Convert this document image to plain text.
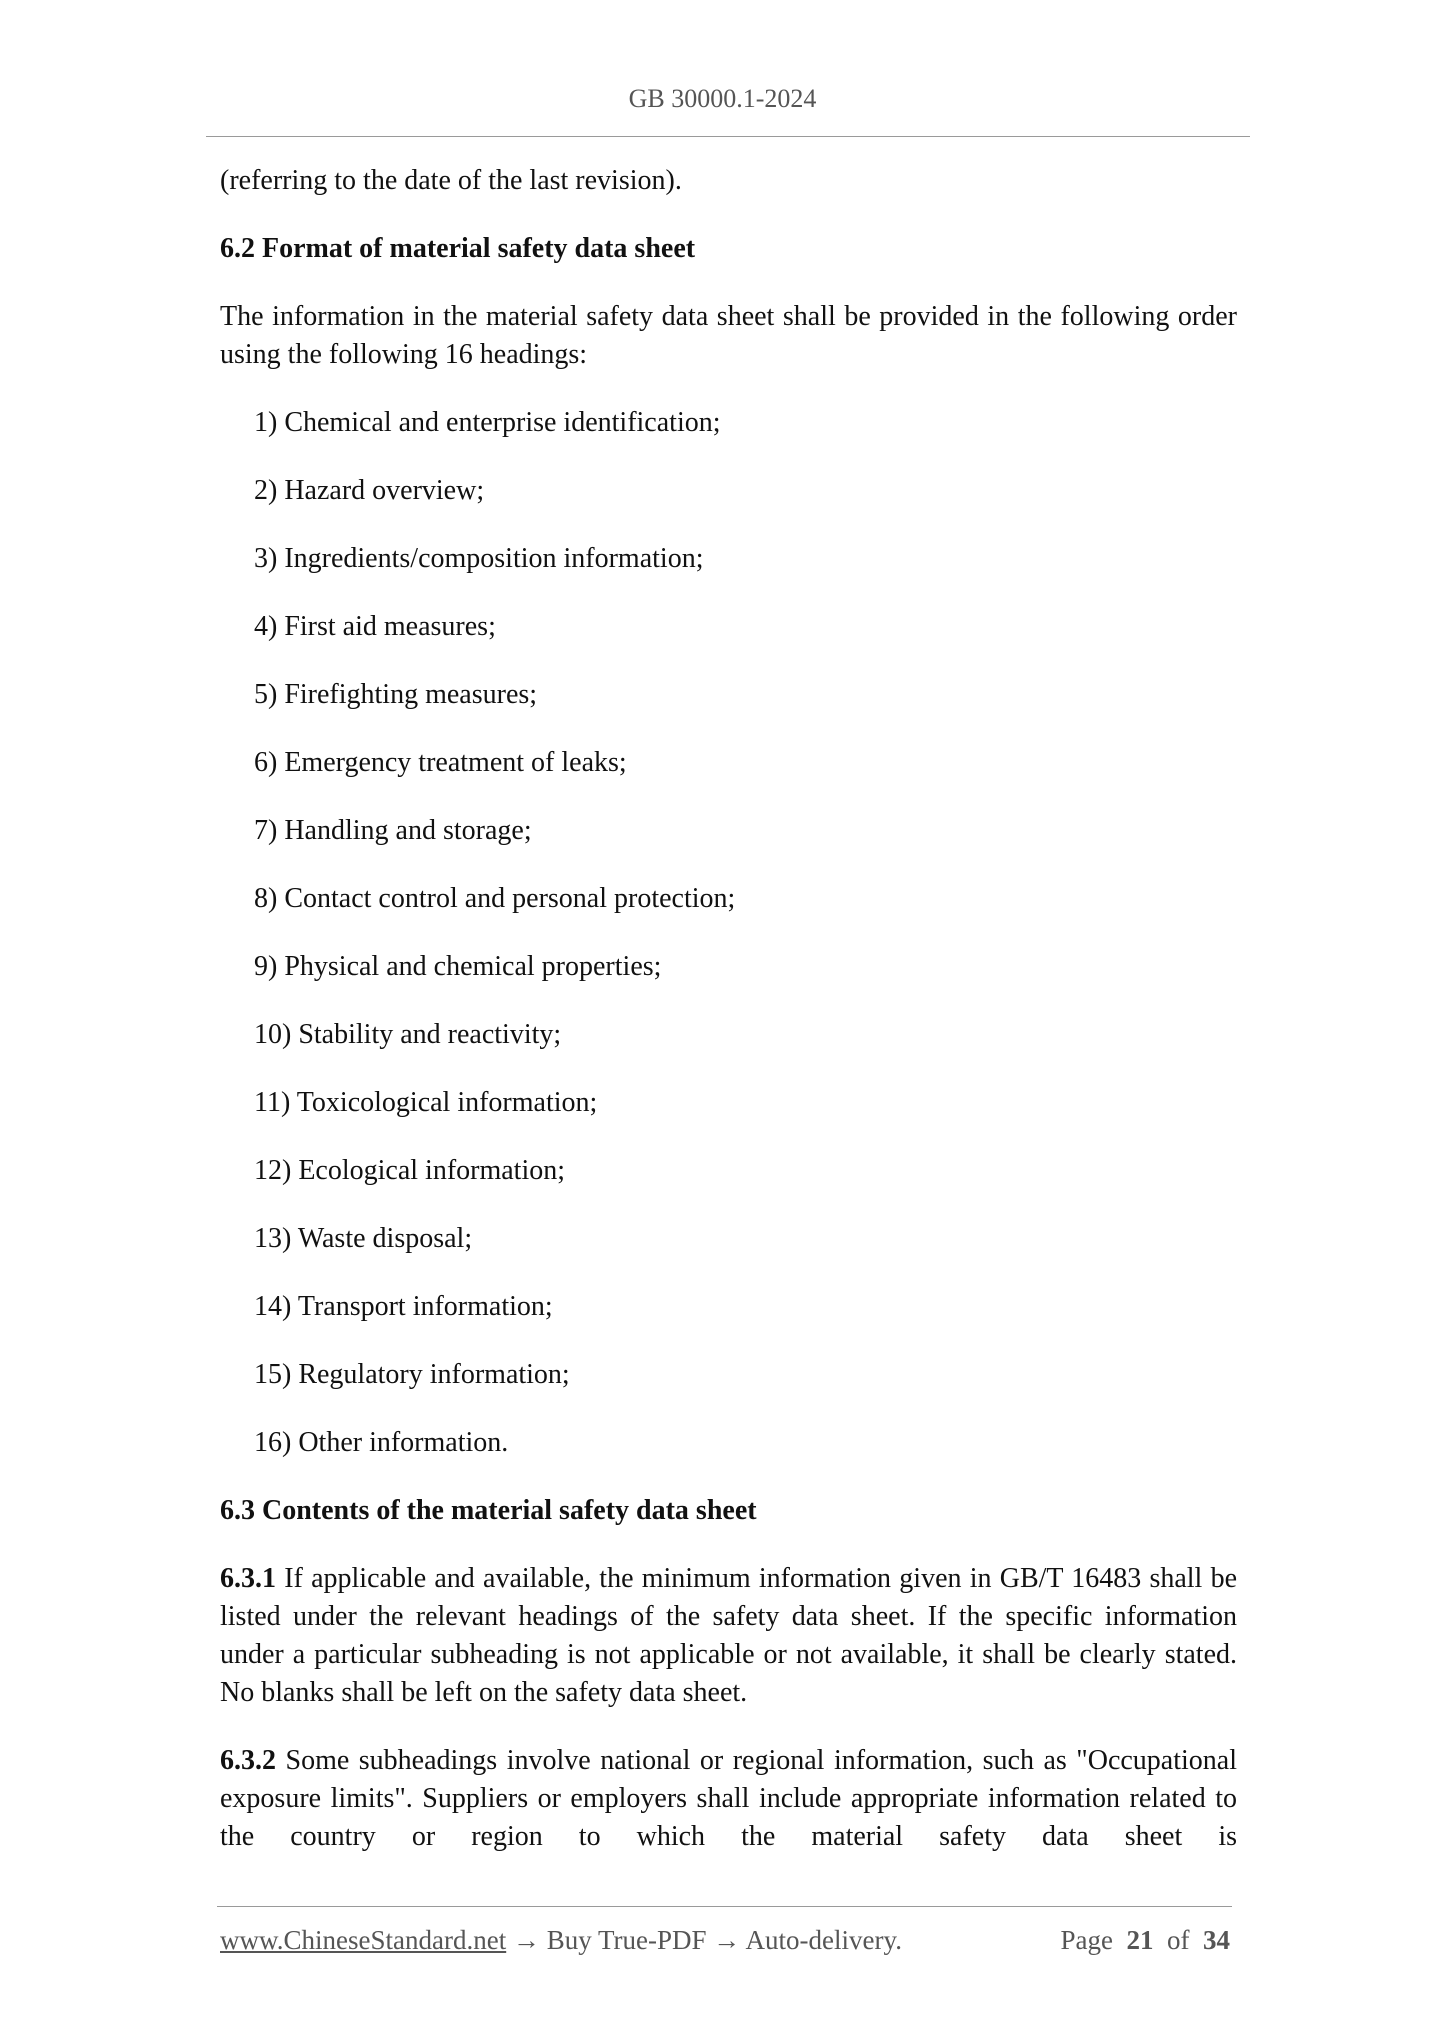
GB 30000.1-2024

(referring to the date of the last revision).

6.2 Format of material safety data sheet

The information in the material safety data sheet shall be provided in the following order using the following 16 headings:

1) Chemical and enterprise identification;
2) Hazard overview;
3) Ingredients/composition information;
4) First aid measures;
5) Firefighting measures;
6) Emergency treatment of leaks;
7) Handling and storage;
8) Contact control and personal protection;
9) Physical and chemical properties;
10) Stability and reactivity;
11) Toxicological information;
12) Ecological information;
13) Waste disposal;
14) Transport information;
15) Regulatory information;
16) Other information.
6.3 Contents of the material safety data sheet

6.3.1 If applicable and available, the minimum information given in GB/T 16483 shall be listed under the relevant headings of the safety data sheet. If the specific information under a particular subheading is not applicable or not available, it shall be clearly stated. No blanks shall be left on the safety data sheet.

6.3.2 Some subheadings involve national or regional information, such as "Occupational exposure limits". Suppliers or employers shall include appropriate information related to the country or region to which the material safety data sheet is

www.ChineseStandard.net → Buy True-PDF → Auto-delivery.	Page 21 of 34
